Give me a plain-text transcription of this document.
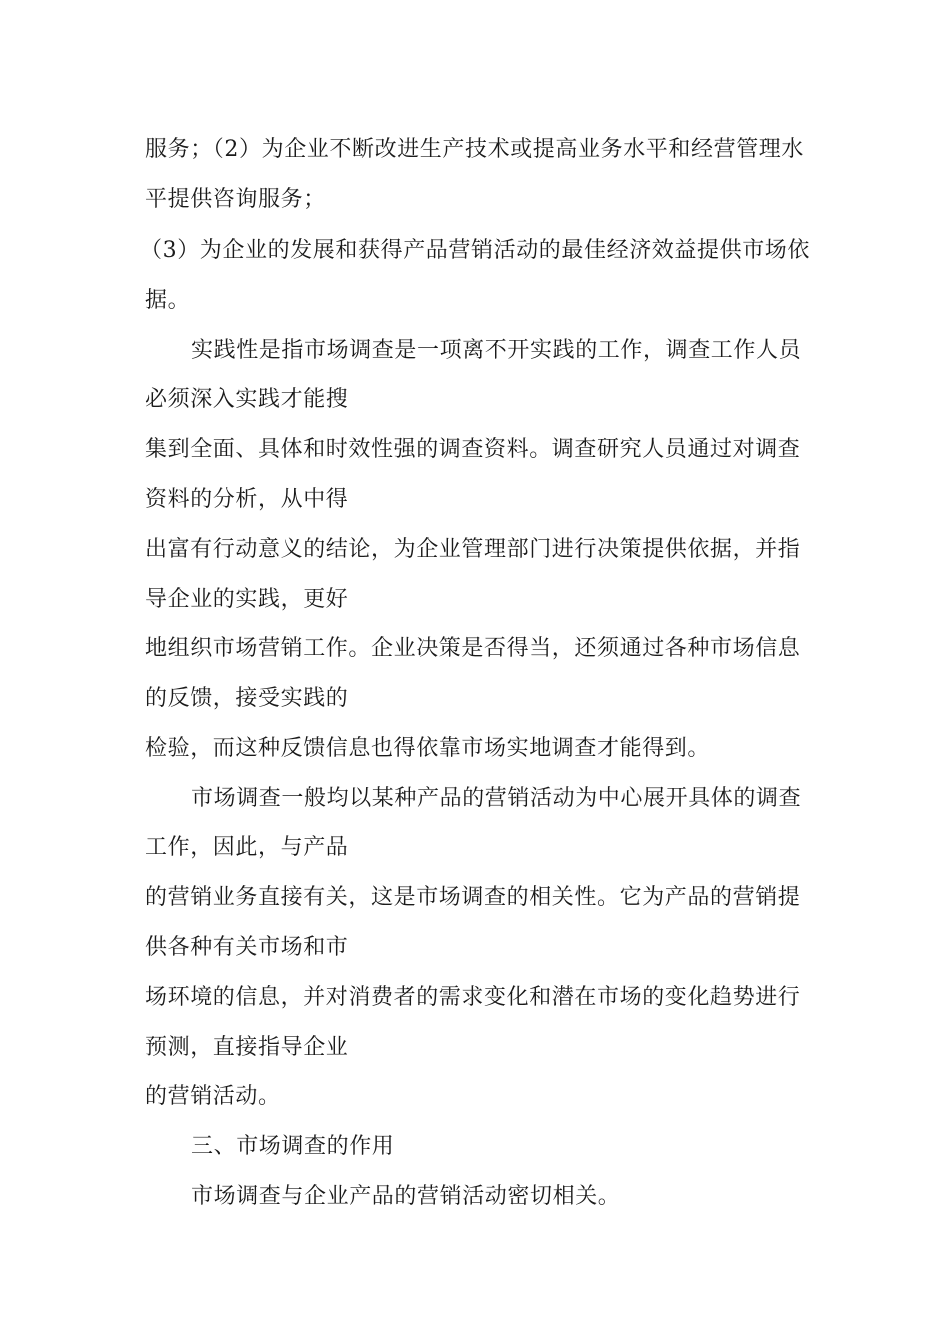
服务；（2）为企业不断改进生产技术或提高业务水平和经营管理水
平提供咨询服务；
（3）为企业的发展和获得产品营销活动的最佳经济效益提供市场依
据。
实践性是指市场调查是一项离不开实践的工作，调查工作人员
必须深入实践才能搜
集到全面、具体和时效性强的调查资料。调查研究人员通过对调查
资料的分析，从中得
出富有行动意义的结论，为企业管理部门进行决策提供依据，并指
导企业的实践，更好
地组织市场营销工作。企业决策是否得当，还须通过各种市场信息
的反馈，接受实践的
检验，而这种反馈信息也得依靠市场实地调查才能得到。
市场调查一般均以某种产品的营销活动为中心展开具体的调查
工作，因此，与产品
的营销业务直接有关，这是市场调查的相关性。它为产品的营销提
供各种有关市场和市
场环境的信息，并对消费者的需求变化和潜在市场的变化趋势进行
预测，直接指导企业
的营销活动。
三、市场调查的作用
市场调查与企业产品的营销活动密切相关。
